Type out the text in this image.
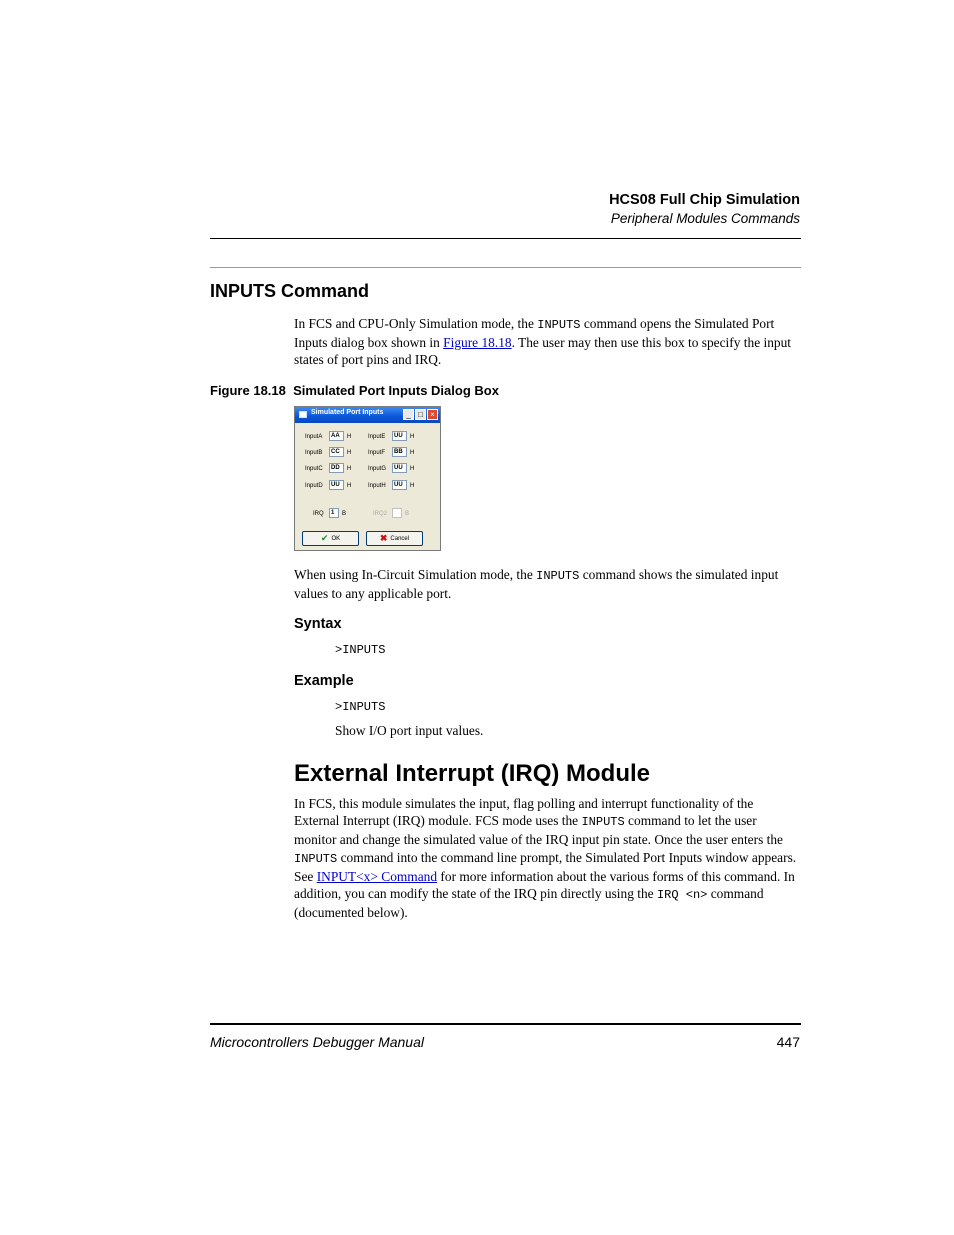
HCS08 Full Chip Simulation
Peripheral Modules Commands
INPUTS Command
In FCS and CPU-Only Simulation mode, the INPUTS command opens the Simulated Port Inputs dialog box shown in Figure 18.18. The user may then use this box to specify the input states of port pins and IRQ.
Figure 18.18  Simulated Port Inputs Dialog Box
Simulated Port Inputs	_ □ ×
InputA	AA	H
InputB	CC	H
InputC	DD	H
InputD	UU	H
InputE	UU	H
InputF	BB	H
InputG	UU	H
InputH	UU	H
IRQ	1	B	IRQ2	B
✔ OK	✖ Cancel
When using In-Circuit Simulation mode, the INPUTS command shows the simulated input values to any applicable port.
Syntax
>INPUTS
Example
>INPUTS
Show I/O port input values.
External Interrupt (IRQ) Module
In FCS, this module simulates the input, flag polling and interrupt functionality of the External Interrupt (IRQ) module. FCS mode uses the INPUTS command to let the user monitor and change the simulated value of the IRQ input pin state. Once the user enters the INPUTS command into the command line prompt, the Simulated Port Inputs window appears. See INPUT<x> Command for more information about the various forms of this command. In addition, you can modify the state of the IRQ pin directly using the IRQ <n> command (documented below).
Microcontrollers Debugger Manual	447
